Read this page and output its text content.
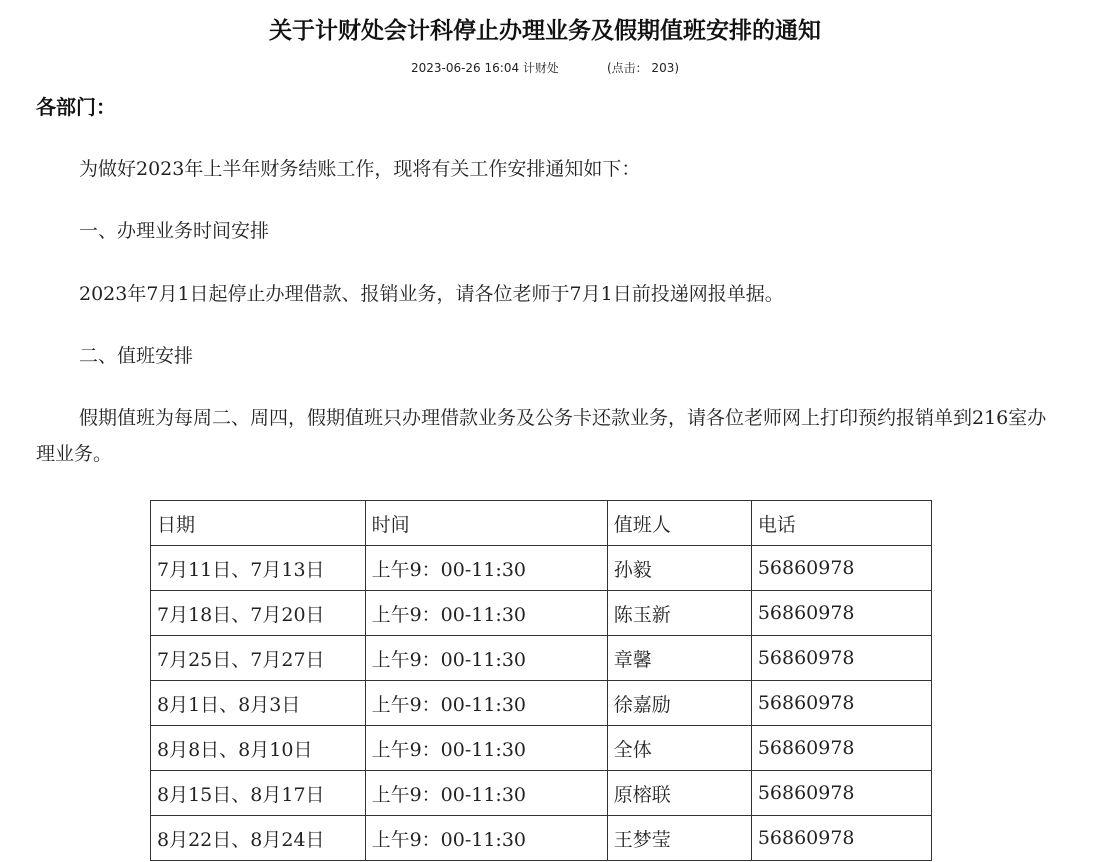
关于计财处会计科停止办理业务及假期值班安排的通知
2023-06-26 16:04 计财处	(点击： 203)
各部门：

为做好2023年上半年财务结账工作，现将有关工作安排通知如下：

一、办理业务时间安排

2023年7月1日起停止办理借款、报销业务，请各位老师于7月1日前投递网报单据。

二、值班安排

假期值班为每周二、周四，假期值班只办理借款业务及公务卡还款业务，请各位老师网上打印预约报销单到216室办理业务。

日期	时间	值班人	电话
7月11日、7月13日	上午9：00-11:30	孙毅	56860978
7月18日、7月20日	上午9：00-11:30	陈玉新	56860978
7月25日、7月27日	上午9：00-11:30	章馨	56860978
8月1日、8月3日	上午9：00-11:30	徐嘉励	56860978
8月8日、8月10日	上午9：00-11:30	全体	56860978
8月15日、8月17日	上午9：00-11:30	原榕联	56860978
8月22日、8月24日	上午9：00-11:30	王梦莹	56860978
